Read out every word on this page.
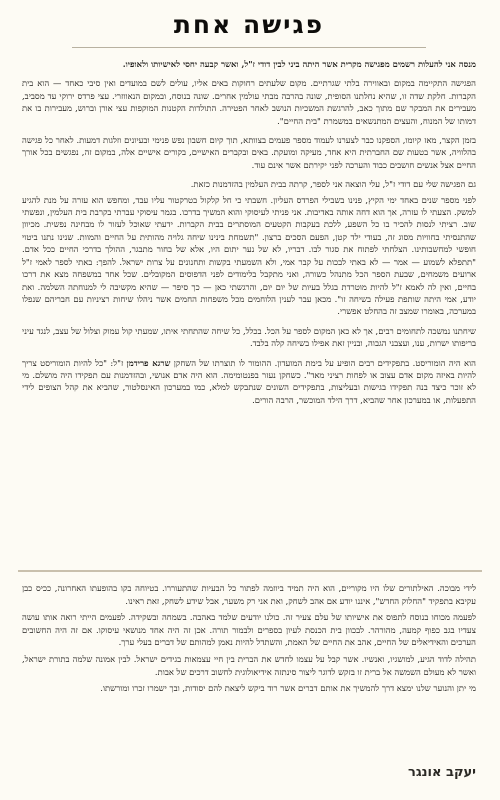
פגישה אחת

מנסה אני להעלות רשמים מפגישה מקרית אשר היתה ביני לבין דודי ז"ל, ואשר קבעה יחסי לאישיותו ולאופיו.

הפגישה התקיימה במקום ובאווירה בלתי שגרתיים. מקום שלעתים רחוקות באים אליו, עולים לשם במועדים ואין סיבי כאחד — הוא בית הקברות. חלקת שדה זו, שהיא נחלתנו הסופית, שונה בהרבה מבתי עולמין אחרים. שונה בנוסח, ובמקום הנאווזרי. עצי פרדס ירוקי עד מסביב, מעבירים את המבקר שם מתוך כאב, להרגשת המשכיות הנושב לאחר הפטירה. התולדות הקטנות המוקפות עצי אורן וברוש, מעבירות בו את דמותו של המנוח, והעצים המתנשאים במשמרת "בית החיים".

בזמן הקצר, מאז קיומו, הספקנו כבר לצערנו לעמוד מספר פעמים בצוותא, תוך קיום חשבון נפש פנימי ובעיונים וזלגות דמעות. לאחר כל פגישה בהלוויה, אשר בטעות שם החברתית היא אחד, מעיקה ומועקת. באים ובקברים האישיים, בקורים אישיים אלה, במקום זה, נפגשים בכל אורך החיים אצל אנשים חושבים כבוד והערכה לפני יקירתם אשר אינם עוד.

גם הפגישה שלי עם דודי ז"ל, עלי הוצאה אני לספר, קרתה בבית העלמין בהזדמנות כזאת.

לפני מספר שנים באחד ימי הקיץ, פנינו בשבילי הפרדס העליון. חשבתי כי חל קלקול בטרקטור עליו עבד, ומחפש הוא עזרה על מנת להגיע למשק. הצעתי לו עזרה, אך הוא דחה אותה באדיבות. אני פניתי לעיסוקי והוא המשיך בדרכו. בגמר עיסוקי עברתי בקרבת בית העלמין, ונפשתי שוב. רציתי לנסות להכיר בו כל השפע, ללכת בעקבות הקטעים המוסתרים בבית הקברות. ידעתי שאוכל לעזור לו מבחינה נפשית. מכיוון שהתנסיתי בחוויות מסוג זה, בעודי ילד קטן, הפעם הסכים ברצון. "תשמחת בינינו שיחה גלויה מהותית על החיים והמוות. שנינו נתנו ביטוי חופשי למחשבותינו. הצלחתי לפתוח את סגור לבו. דבריו, לא של נער יתום היו, אלא של בחור מתבגר, ההולך בדרכי החיים ככל אדם. "תתפלא לשמוע — אמר — לא באתי לבכות על קבר אמי, ולא השמעתי בקשות ותחנונים על צרות ישראל. להפך: באתי לספר לאמי ז"ל ארועים משמחים, שבעת הספר הכל מתנהל כשורה, ואני מתקבל בלימודים לפני הדפוסים המקובלים. שכל אחד במשפחה מצא את דרכו בחיים, ואין לה לאמא ז"ל להיות מוטרדת בגלל בעיות של יום יום, והרגשתי כאן — כך סיפר — שהיא מקשיבה לי למנוחתה השלמה. ואת יודע, אמי היתה שותפת פעילה בשיחה זו". מכאן עבר לענין הלוחמים מכל משפחות החמים אשר ניהלו שיחות רציניות עם חבריהם שנפלו במערכה, באומרו שמצב זה בהחלט אפשרי.

שיחתנו נמשכה לתחומים רבים, אך לא כאן המקום לספר על הכל. בכלל, כל שיחה שהתחתי איתו, שמעתי קול עמוק וצלול של עצב, לנגד עיני בריפותו ישרות, ענו, ועצבני הגבוה, ובניין זאת אפילו בשיחה קלה בלבד.

הוא היה הומוריסט. בתפקידים רבים הופיע על בימת המועדון. ההומור לו תוצרתו של השחקן שרגא פרידמן ז"ל: "כל להיות הומוריסט צריך להיות באיזה מקום אדם עצוב או לפחות רציני מאד". כשחקן נעזר בפנטומימה. הוא היה אדם אנושי, ובהזדמנות עם תפקידו היה מושלם. מי לא זוכר כיצד בנה תפקידו בגישות ובעליצות, בתפקידים השונים שנתבקש למלא, כמו במערכון האינסלטור, שהביא את קהל הצופים לידי התפעלות, או במערכון אחר שהביא, דרך הילד המוכשר, הרבה הורים.

לידי מבוכה. האילתורים שלו היו מקוריים, הוא היה תמיד ביוזמה לפתור כל הבעיות שהתעוררו. בטיוחה בקו בהופעתו האחרונה, ככיס כבן עקיבא בתפקיד "החלוק החדש", איננו יודע אם אהב לשחק, ואת אני רק משער, אבל שידע לשחק, זאת ראינו.

לפעמה מכוחו בנוסח לתפוס את אישיותו של עלם צעיר זה. כולנו יודעים שלמד באהבה. בשמחה ובשקידה. לפעמים הייתי רואה אותו עושה צעדיו בגב כפוף קמעה, מהורהר. לבכוון בית הכנסת לעיון בספרים ולבמור תורה. אכן זה היה אחד מנושאי עיסוקו. אם זה היה החשובים הערכים והאידיאלים של החיים, אהב את החיים של האמת, והשתדל להיות נאמן למהותם של דברים בעלי ערך.

תהילה לדוד הגיע, למושגיו, ואנשיו. אשר קבל על עצמו לחדש את הברית בין חיי עצמאות בגידים ישראל. לבין אמונה שלמה בתורת ישראל, ואשר לא מעולם השמשה אל ברית זו בזקש לדוגר ליצור סינתזה אידיאולוגית לחשוב דרכים של אבות.

מי יתן והנוער שלנו ימצא דרך להמשיך את אותם דברים אשר רוד ביקש ליצאת להם יסודות, ובך ישמרו זכרו ומורשתו.

יעקב אונגר
